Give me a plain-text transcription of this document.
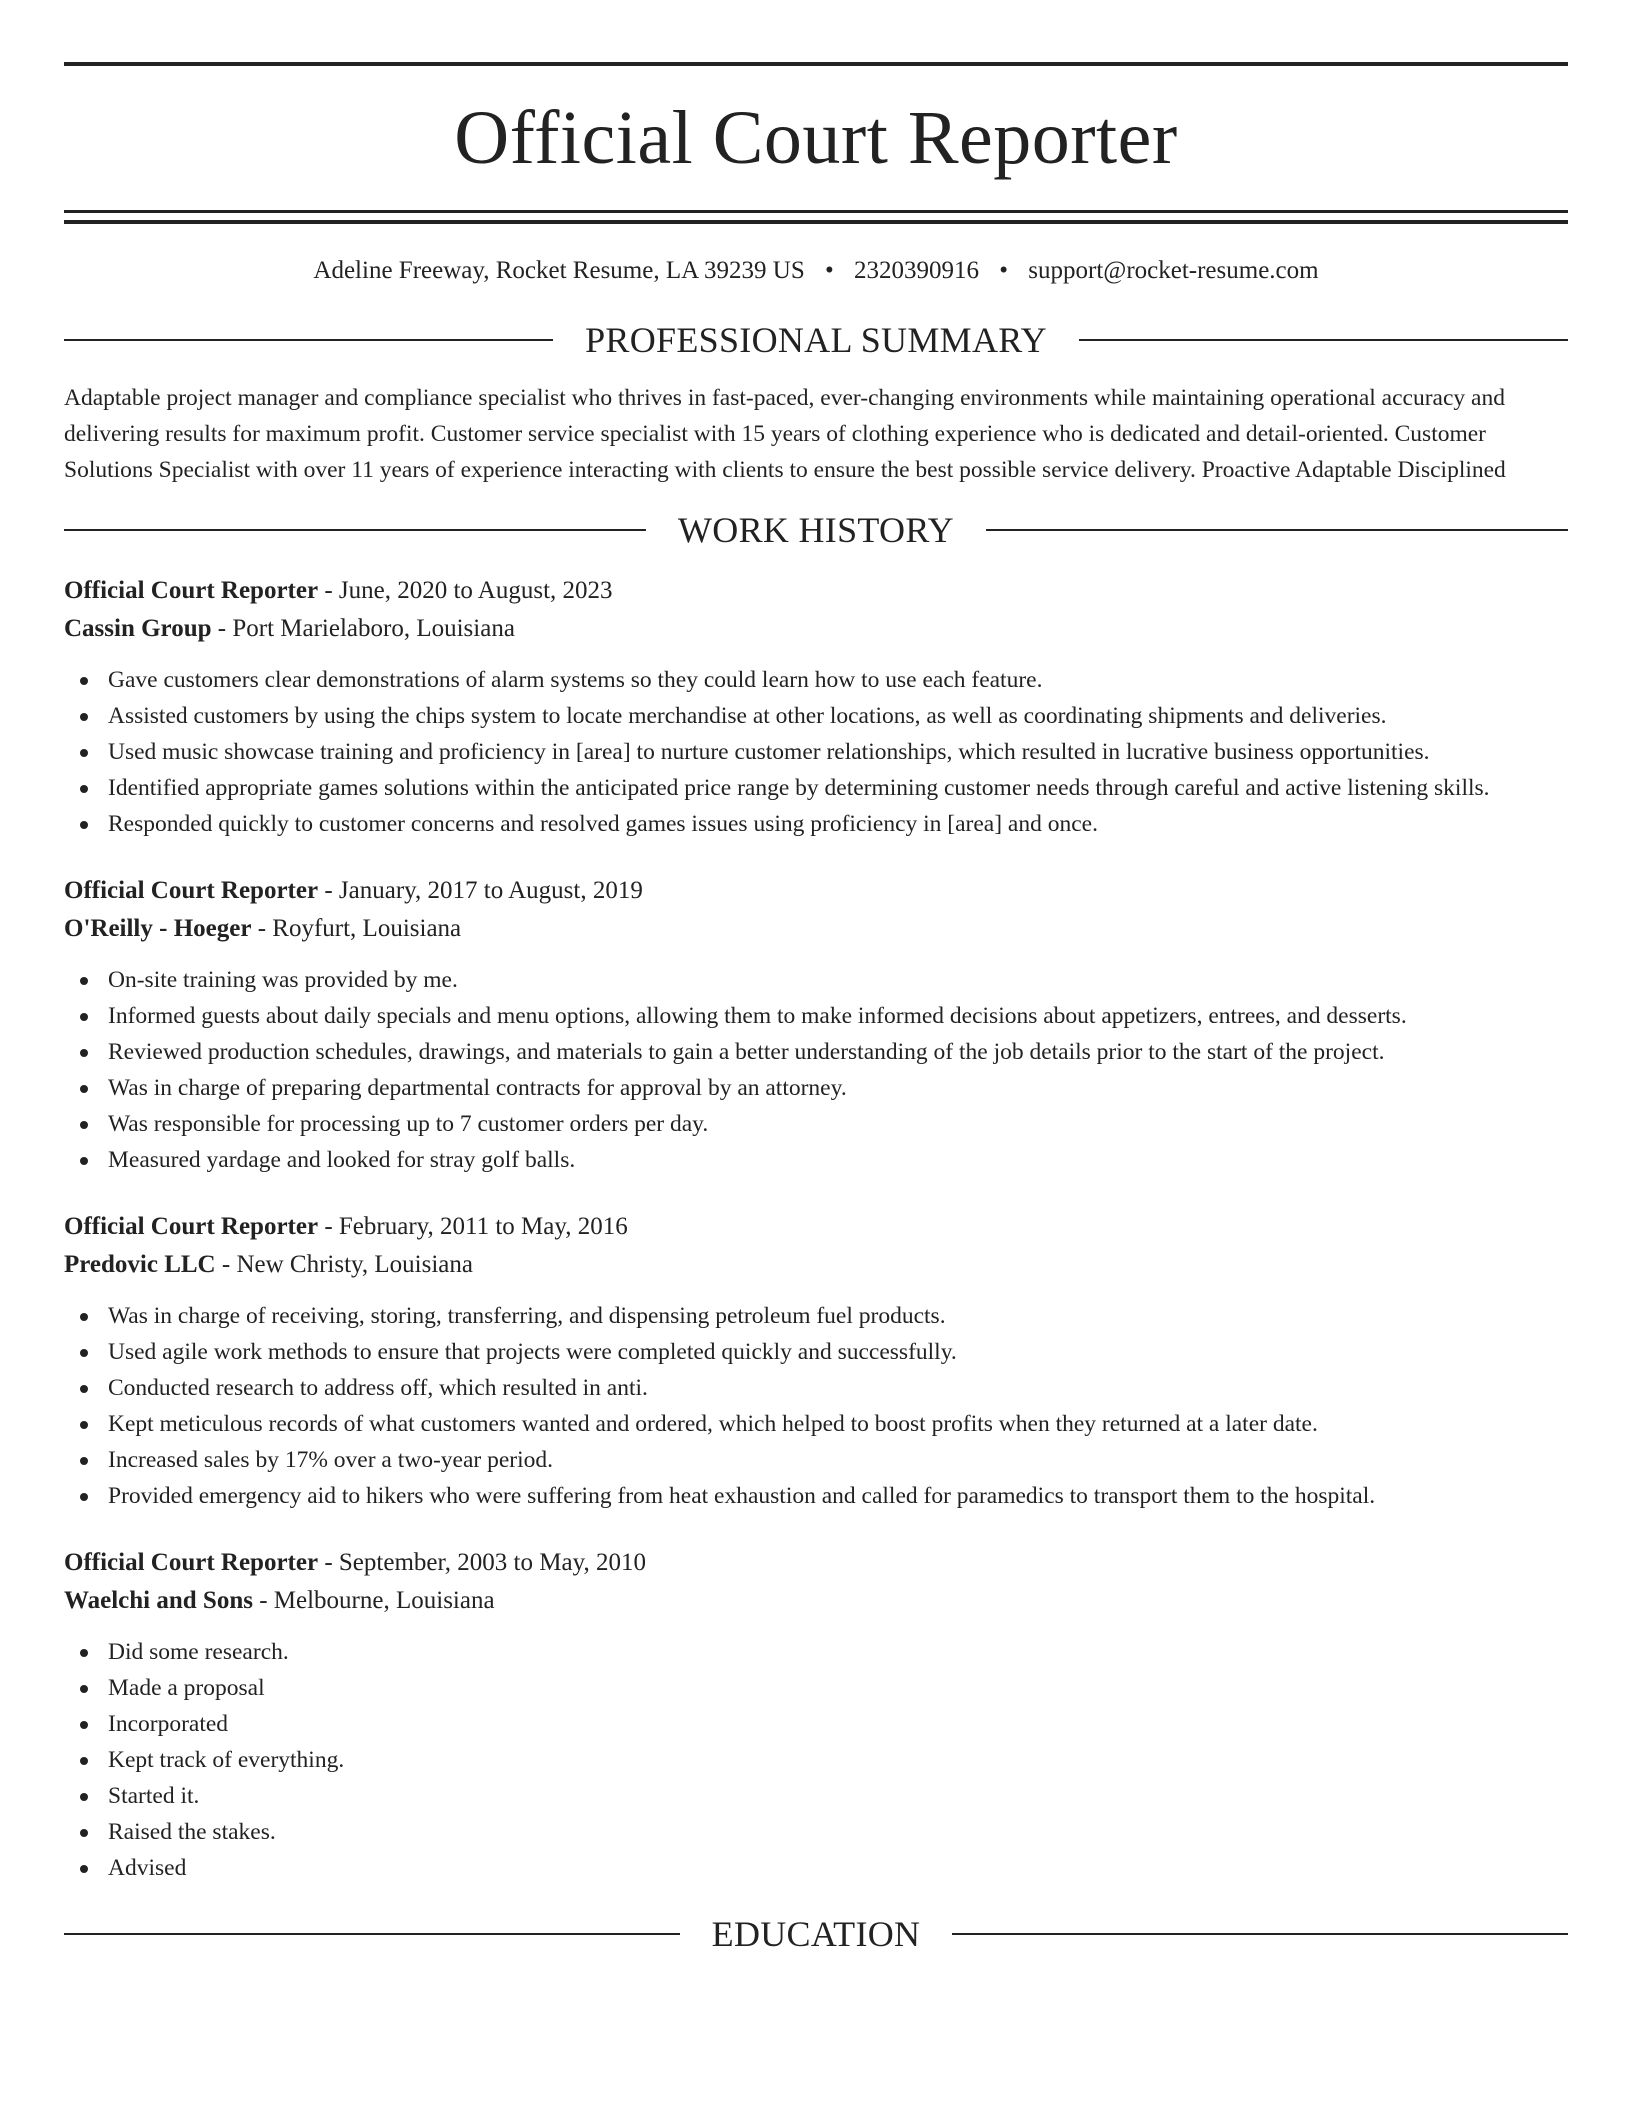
Official Court Reporter
Adeline Freeway, Rocket Resume, LA 39239 US • 2320390916 • support@rocket-resume.com
PROFESSIONAL SUMMARY

Adaptable project manager and compliance specialist who thrives in fast-paced, ever-changing environments while maintaining operational accuracy and delivering results for maximum profit. Customer service specialist with 15 years of clothing experience who is dedicated and detail-oriented. Customer Solutions Specialist with over 11 years of experience interacting with clients to ensure the best possible service delivery. Proactive Adaptable Disciplined

WORK HISTORY
Official Court Reporter - June, 2020 to August, 2023
Cassin Group - Port Marielaboro, Louisiana
Gave customers clear demonstrations of alarm systems so they could learn how to use each feature.
Assisted customers by using the chips system to locate merchandise at other locations, as well as coordinating shipments and deliveries.
Used music showcase training and proficiency in [area] to nurture customer relationships, which resulted in lucrative business opportunities.
Identified appropriate games solutions within the anticipated price range by determining customer needs through careful and active listening skills.
Responded quickly to customer concerns and resolved games issues using proficiency in [area] and once.
Official Court Reporter - January, 2017 to August, 2019
O'Reilly - Hoeger - Royfurt, Louisiana
On-site training was provided by me.
Informed guests about daily specials and menu options, allowing them to make informed decisions about appetizers, entrees, and desserts.
Reviewed production schedules, drawings, and materials to gain a better understanding of the job details prior to the start of the project.
Was in charge of preparing departmental contracts for approval by an attorney.
Was responsible for processing up to 7 customer orders per day.
Measured yardage and looked for stray golf balls.
Official Court Reporter - February, 2011 to May, 2016
Predovic LLC - New Christy, Louisiana
Was in charge of receiving, storing, transferring, and dispensing petroleum fuel products.
Used agile work methods to ensure that projects were completed quickly and successfully.
Conducted research to address off, which resulted in anti.
Kept meticulous records of what customers wanted and ordered, which helped to boost profits when they returned at a later date.
Increased sales by 17% over a two-year period.
Provided emergency aid to hikers who were suffering from heat exhaustion and called for paramedics to transport them to the hospital.
Official Court Reporter - September, 2003 to May, 2010
Waelchi and Sons - Melbourne, Louisiana
Did some research.
Made a proposal
Incorporated
Kept track of everything.
Started it.
Raised the stakes.
Advised
EDUCATION
